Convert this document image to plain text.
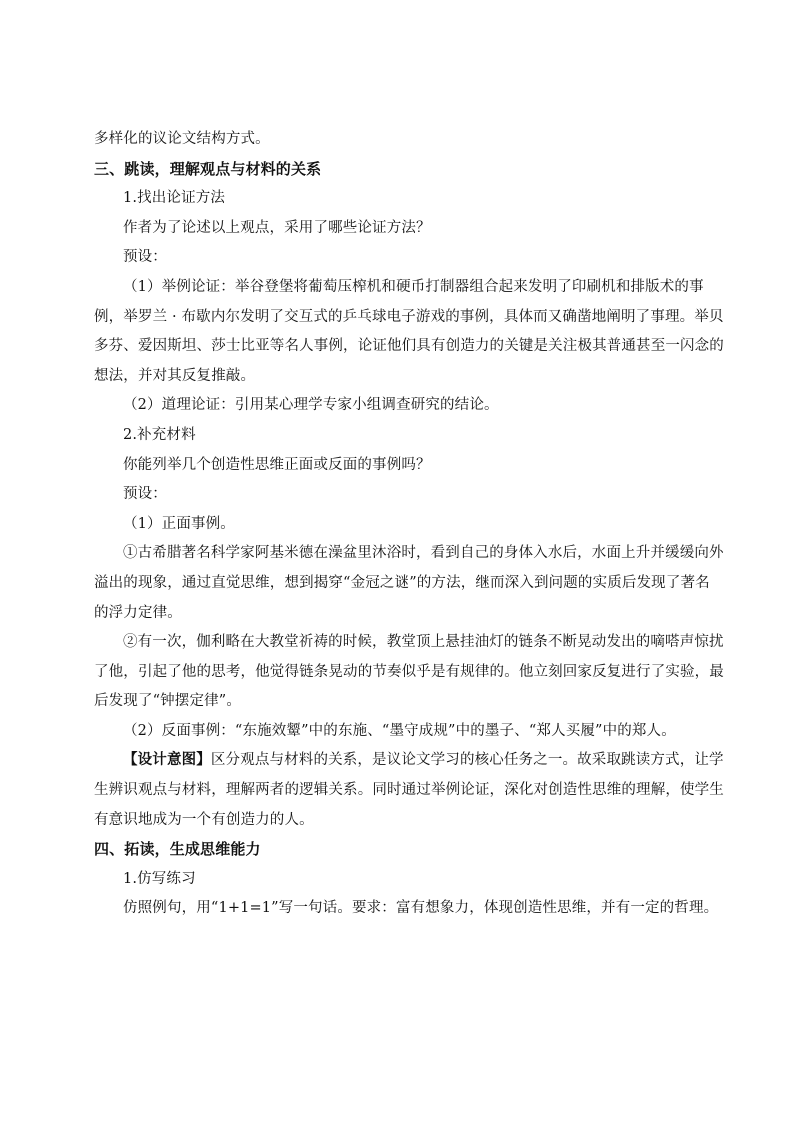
多样化的议论文结构方式。

三、跳读，理解观点与材料的关系

1.找出论证方法

作者为了论述以上观点，采用了哪些论证方法？

预设：

（1）举例论证：举谷登堡将葡萄压榨机和硬币打制器组合起来发明了印刷机和排版术的事例，举罗兰 · 布歇内尔发明了交互式的乒乓球电子游戏的事例，具体而又确凿地阐明了事理。举贝多芬、爱因斯坦、莎士比亚等名人事例，论证他们具有创造力的关键是关注极其普通甚至一闪念的想法，并对其反复推敲。

（2）道理论证：引用某心理学专家小组调查研究的结论。

2.补充材料

你能列举几个创造性思维正面或反面的事例吗？

预设：

（1）正面事例。

①古希腊著名科学家阿基米德在澡盆里沐浴时，看到自己的身体入水后，水面上升并缓缓向外溢出的现象，通过直觉思维，想到揭穿“金冠之谜”的方法，继而深入到问题的实质后发现了著名的浮力定律。

②有一次，伽利略在大教堂祈祷的时候，教堂顶上悬挂油灯的链条不断晃动发出的嘀嗒声惊扰了他，引起了他的思考，他觉得链条晃动的节奏似乎是有规律的。他立刻回家反复进行了实验，最后发现了“钟摆定律”。

（2）反面事例：“东施效颦”中的东施、“墨守成规”中的墨子、“郑人买履”中的郑人。

【设计意图】区分观点与材料的关系，是议论文学习的核心任务之一。故采取跳读方式，让学生辨识观点与材料，理解两者的逻辑关系。同时通过举例论证，深化对创造性思维的理解，使学生有意识地成为一个有创造力的人。

四、拓读，生成思维能力

1.仿写练习

仿照例句，用“1+1=1”写一句话。要求：富有想象力，体现创造性思维，并有一定的哲理。
